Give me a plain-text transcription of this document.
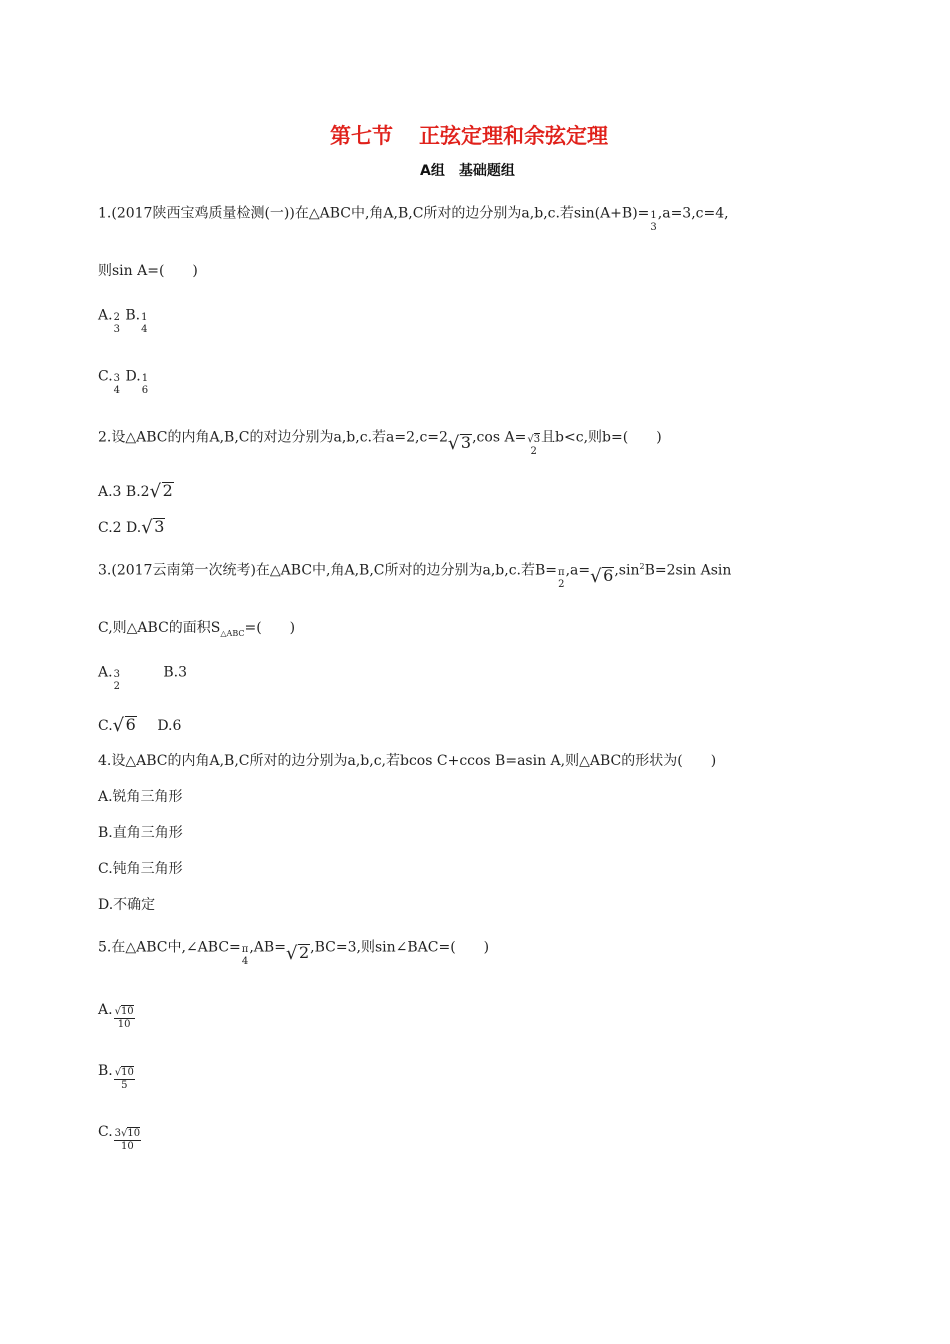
第七节 正弦定理和余弦定理
A组　基础题组
1.(2017陕西宝鸡质量检测(一))在△ABC中,角A,B,C所对的边分别为a,b,c.若sin(A+B)= 1
3
,a=3,c=4,
则sin A=(　　)
A. 2
3
B. 1
4
C. 3
4
D. 1
6
2.设△ABC的内角A,B,C的对边分别为a,b,c.若a=2,c=2 √ 3,cos A= √3
2
且b<c,则b=(　　)
A.3 B.2 √ 2
C.2 D. √ 3
3.(2017云南第一次统考)在△ABC中,角A,B,C所对的边分别为a,b,c.若B= π
2
,a= √ $6,\sin^2B=2\sin$ Asin
C,则△ABC的面积$S_{\triangle ABC}=$(　　)
A. 3
2
B.3
C. √ 6 D.6
4.设△ABC的内角A,B,C所对的边分别为a,b,c,若bcos C+ccos B=asin A,则△ABC的形状为(　　)
A.锐角三角形
B.直角三角形
C.钝角三角形
D.不确定
5.在△ABC中,∠ABC= π
4
,AB= √ 2,BC=3,则sin∠BAC=(　　)
A. $\frac{√10}{10}$
B. $\frac{√10}{5}$
C. $\frac{3√10}{10}$
